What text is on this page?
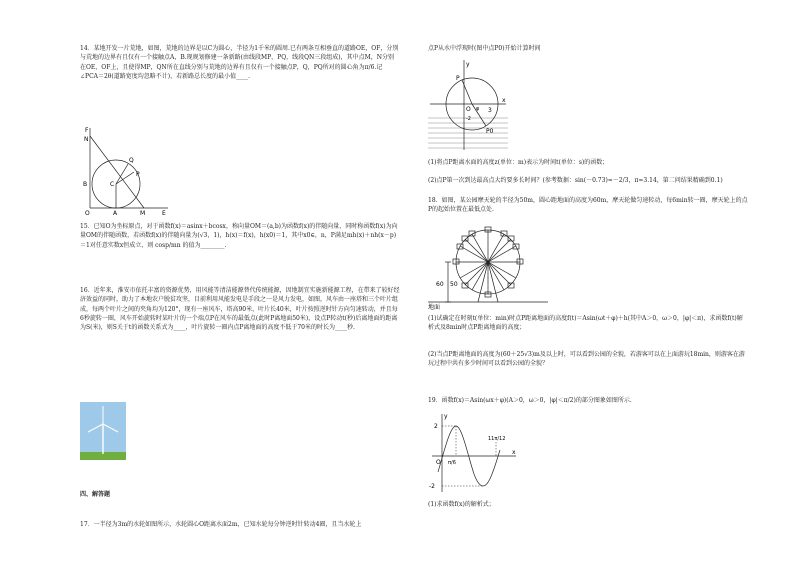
14．某地开发一片荒地，如图，荒地的边界是以C为圆心，半径为1千米的圆周.已有两条互相垂直的道路OE，OF，分别与荒地的边界有且仅有一个接触点A，B.现规划修建一条新路(由线段MP，PQ，线段QN三段组成)，其中点M，N分别在OE，OF上，且使得MP，QN所在直线分别与荒地的边界有且仅有一个接触点P，Q，PQ所对的圆心角为π/6.记∠PCA＝2θ(道路宽度均忽略不计)，若新路总长度的最小值____.

F
N
Q
C
P
B
O	A	M	E

15．已知O为坐标原点，对于函数f(x)＝asinx＋bcosx，称向量OM＝(a,b)为函数f(x)的伴随向量，同时称函数f(x)为向量OM的伴随函数，若函数f(x)的伴随向量为(√3，1)，h(x)＝f(x)，h(x0)＝1，其中x0∈，n，P满足mh(x)＋nh(x－p)＝1对任意实数x恒成立，则 cosp/mn 的值为________.

16．近年来，淮安市依托丰富的资源优势，用风能等清洁能源替代传统能源，因地制宜实施新能源工程，在带来了较好经济效益的同时，助力了本地农户脱贫攻坚，目前利用风能发电是手段之一是风力发电，如图，风车由一座塔和三个叶片组成，每两个叶片之间的夹角均为120°，现有一座风车，塔高90米，叶片长40米，叶片按照逆时针方向匀速转动，并且每6秒旋转一圈，风车开始旋转时某叶片的一个端点P在风车的最低点(此时P离地面50米)，设点P转动t(秒)后离地面的距离为S(米)，则S关于t的函数关系式为____，叶片旋转一圈内点P离地面的高度不低于70米的时长为____秒.

四、解答题

17．一半径为3m的水轮如图所示，水轮圆心O距离水面2m，已知水轮每分钟逆时针转动4圈，且当水轮上

点P从水中浮现时(图中点P0)开始计算时间

y
P
O φ
x
3
-2
P0

(1)将点P距离水面的高度z(单位：m)表示为时间t(单位：s)的函数；

(2)点P第一次到达最高点大约要多长时间？(参考数据：sin(－0.73)≈－2/3，π≈3.14，第二问结果精确到0.1)

18．如图，某公园摩天轮的半径为50m，圆心距地面的高度为60m，摩天轮做匀速转动，每6min转一圈，摩天轮上的点P的起始位置在最低点处.

60 50
地面

(1)试确定在时刻t(单位：min)时点P距离地面的高度f(t)＝Asin(ωt＋φ)＋h(其中A＞0，ω＞0，|φ|＜π)，求函数f(t)解析式及8min时点P距离地面的高度；

(2)当点P距离地面的高度为(60＋25√3)m及以上时，可以看到公园的全貌，若游客可以在上面游玩18min，则游客在游玩过程中共有多少时间可以看到公园的全貌？

19．函数f(x)＝Asin(ωx＋φ)(A＞0，ω＞0，|φ|＜π/2)的部分图象如图所示.

2
-2
y
x
O π/6
11π/12

(1)求函数f(x)的解析式；
